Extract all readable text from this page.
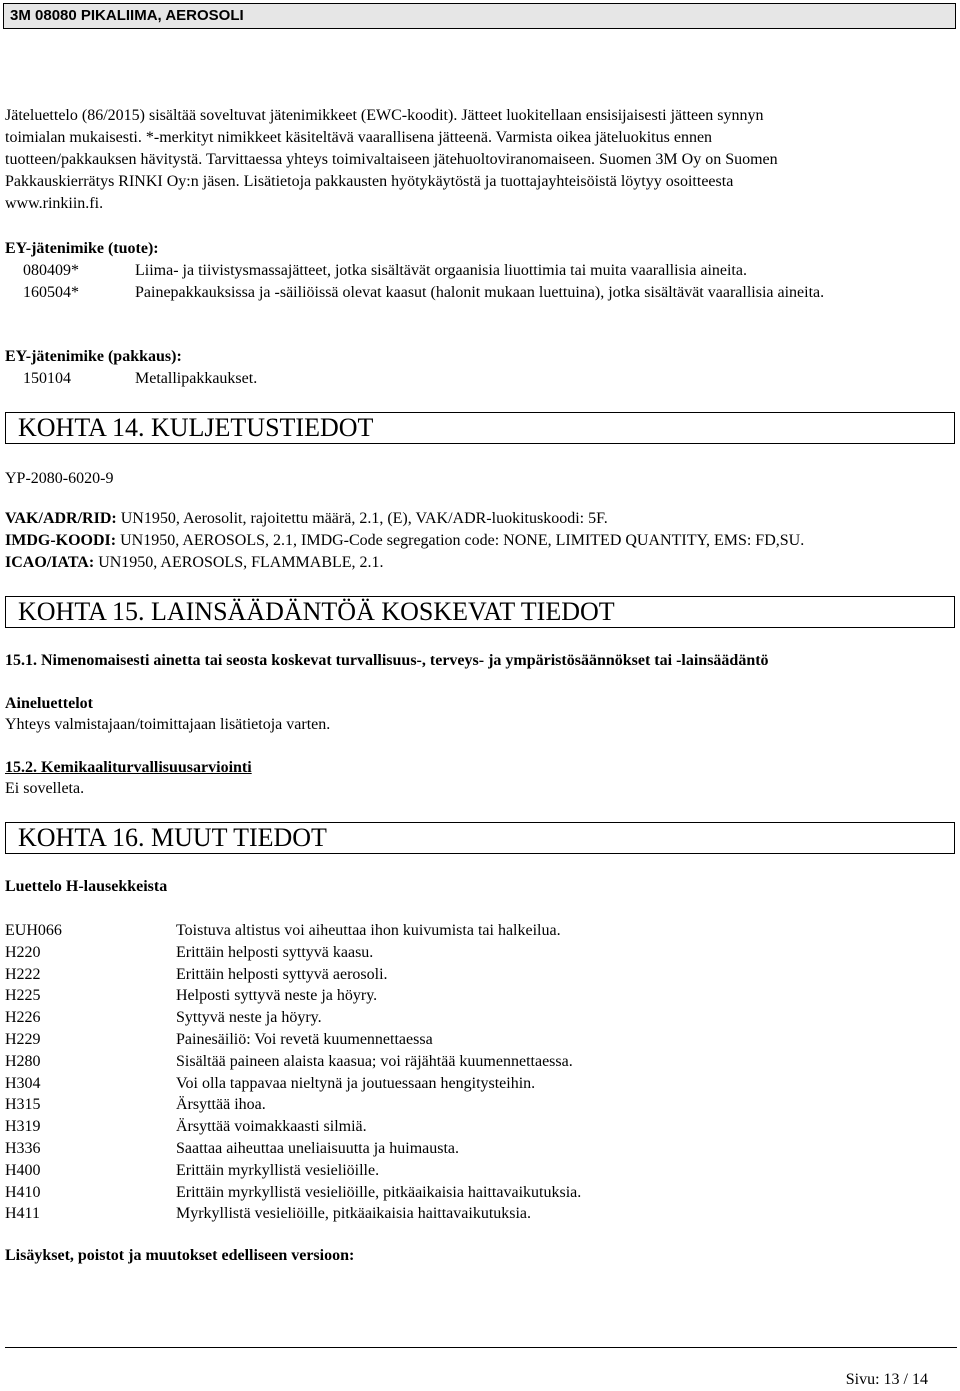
3M 08080 PIKALIIMA, AEROSOLI
Jäteluettelo (86/2015) sisältää soveltuvat jätenimikkeet (EWC-koodit). Jätteet luokitellaan ensisijaisesti jätteen synnyn
toimialan mukaisesti. *-merkityt nimikkeet käsiteltävä vaarallisena jätteenä. Varmista oikea jäteluokitus ennen
tuotteen/pakkauksen hävitystä. Tarvittaessa yhteys toimivaltaiseen jätehuoltoviranomaiseen. Suomen 3M Oy on Suomen
Pakkauskierrätys RINKI Oy:n jäsen. Lisätietoja pakkausten hyötykäytöstä ja tuottajayhteisöistä löytyy osoitteesta
www.rinkiin.fi.
EY-jätenimike (tuote):
080409*	Liima- ja tiivistysmassajätteet, jotka sisältävät orgaanisia liuottimia tai muita vaarallisia aineita.
160504*	Painepakkauksissa ja -säiliöissä olevat kaasut (halonit mukaan luettuina), jotka sisältävät vaarallisia aineita.
EY-jätenimike (pakkaus):
150104	Metallipakkaukset.
KOHTA 14. KULJETUSTIEDOT
YP-2080-6020-9
VAK/ADR/RID: UN1950, Aerosolit, rajoitettu määrä, 2.1, (E), VAK/ADR-luokituskoodi: 5F.
IMDG-KOODI: UN1950, AEROSOLS, 2.1, IMDG-Code segregation code: NONE, LIMITED QUANTITY, EMS: FD,SU.
ICAO/IATA: UN1950, AEROSOLS, FLAMMABLE, 2.1.
KOHTA 15. LAINSÄÄDÄNTÖÄ KOSKEVAT TIEDOT
15.1. Nimenomaisesti ainetta tai seosta koskevat turvallisuus-, terveys- ja ympäristösäännökset tai -lainsäädäntö
Aineluettelot
Yhteys valmistajaan/toimittajaan lisätietoja varten.
15.2. Kemikaaliturvallisuusarviointi
Ei sovelleta.
KOHTA 16. MUUT TIEDOT
Luettelo H-lausekkeista
EUH066	Toistuva altistus voi aiheuttaa ihon kuivumista tai halkeilua.
H220	Erittäin helposti syttyvä kaasu.
H222	Erittäin helposti syttyvä aerosoli.
H225	Helposti syttyvä neste ja höyry.
H226	Syttyvä neste ja höyry.
H229	Painesäiliö: Voi revetä kuumennettaessa
H280	Sisältää paineen alaista kaasua; voi räjähtää kuumennettaessa.
H304	Voi olla tappavaa nieltynä ja joutuessaan hengitysteihin.
H315	Ärsyttää ihoa.
H319	Ärsyttää voimakkaasti silmiä.
H336	Saattaa aiheuttaa uneliaisuutta ja huimausta.
H400	Erittäin myrkyllistä vesieliöille.
H410	Erittäin myrkyllistä vesieliöille, pitkäaikaisia haittavaikutuksia.
H411	Myrkyllistä vesieliöille, pitkäaikaisia haittavaikutuksia.
Lisäykset, poistot ja muutokset edelliseen versioon:
Sivu: 13 / 14
